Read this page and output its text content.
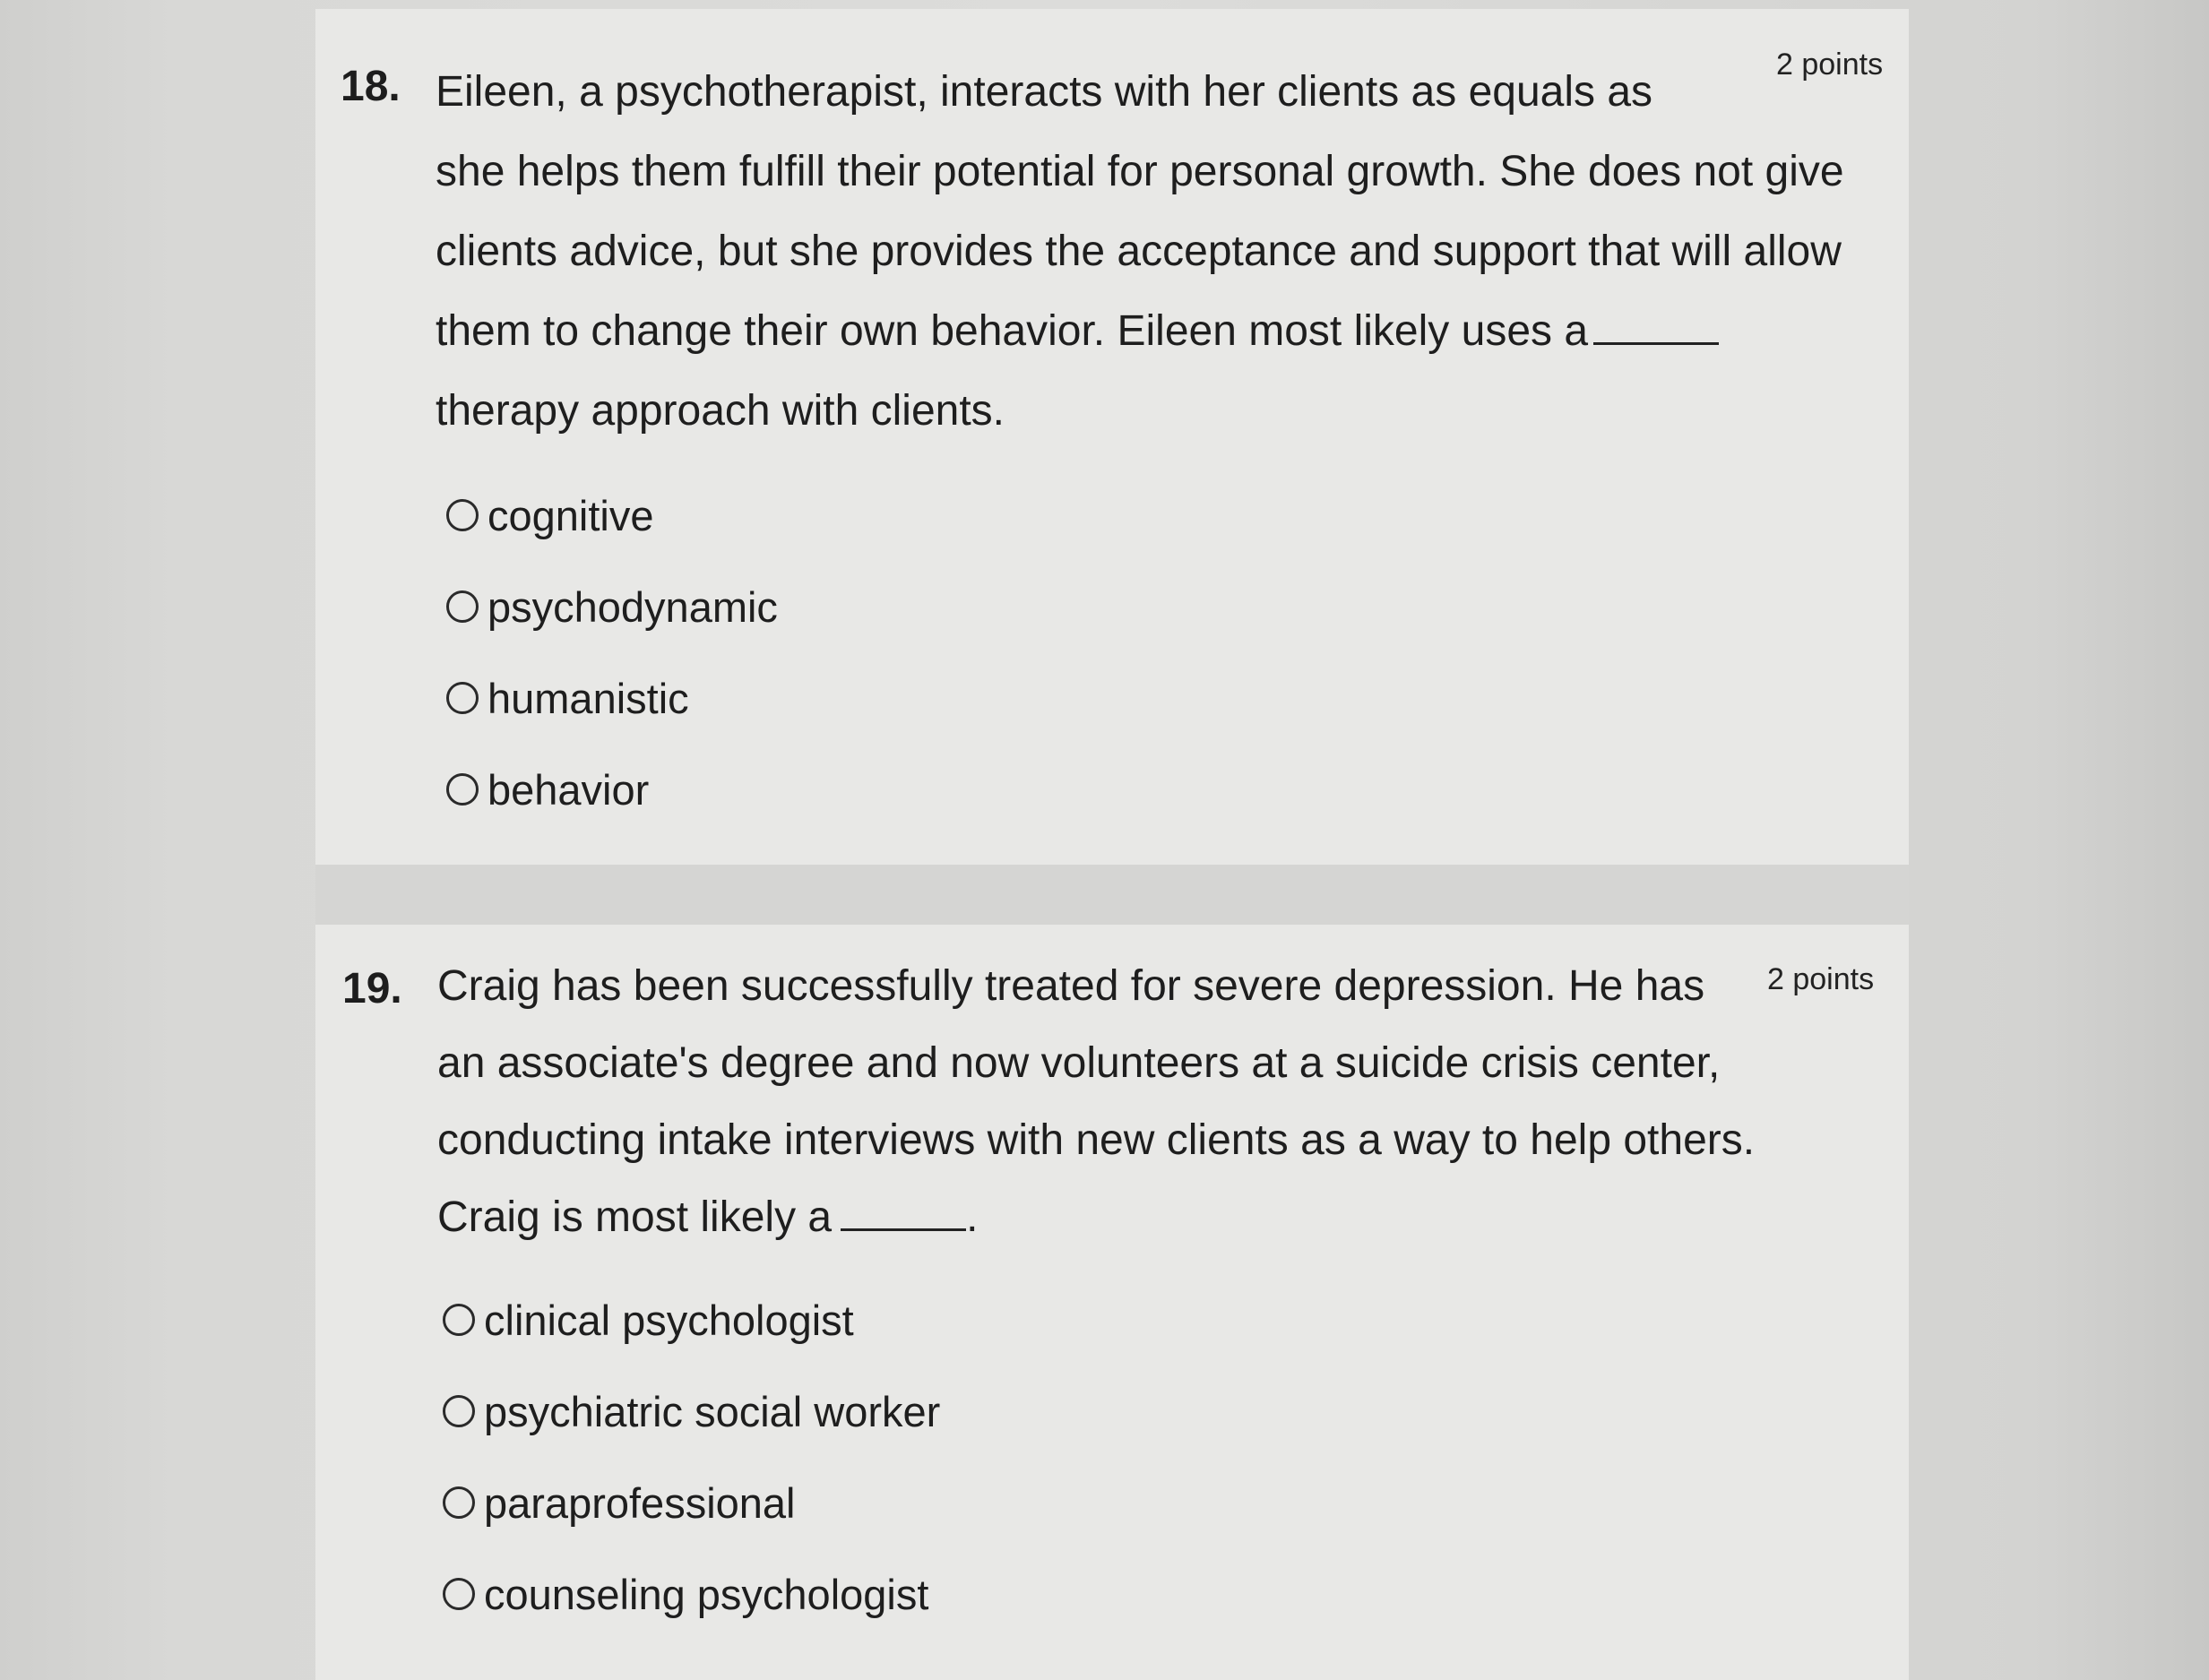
18.	2 points
Eileen, a psychotherapist, interacts with her clients as equals as
she helps them fulfill their potential for personal growth. She does not give
clients advice, but she provides the acceptance and support that will allow
them to change their own behavior. Eileen most likely uses a
therapy approach with clients.
cognitive
psychodynamic
humanistic
behavior
19.	2 points
Craig has been successfully treated for severe depression. He has
an associate's degree and now volunteers at a suicide crisis center,
conducting intake interviews with new clients as a way to help others.
Craig is most likely a	.
clinical psychologist
psychiatric social worker
paraprofessional
counseling psychologist
